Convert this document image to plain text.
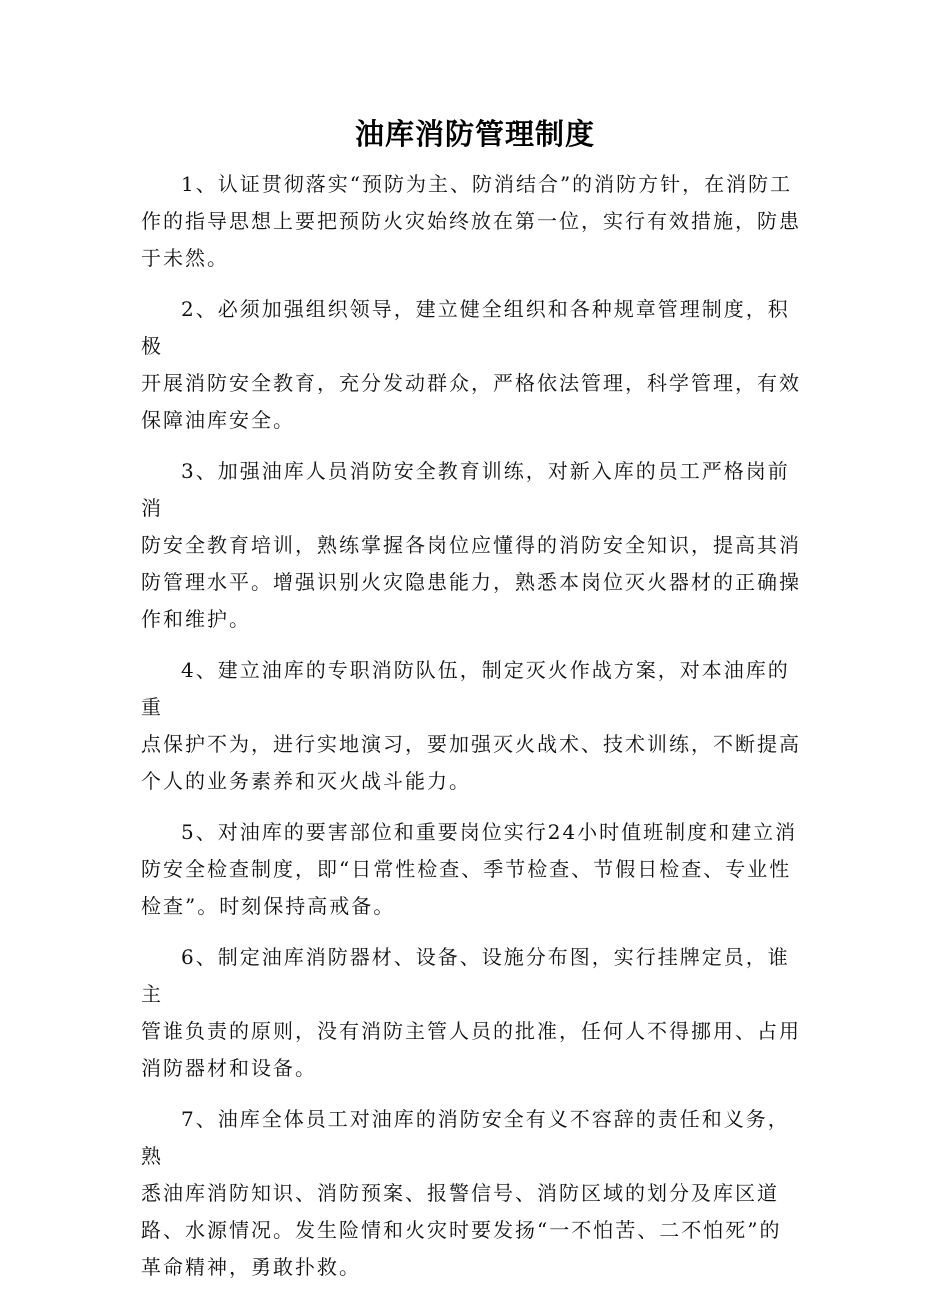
油库消防管理制度

1、认证贯彻落实“预防为主、防消结合”的消防方针，在消防工
作的指导思想上要把预防火灾始终放在第一位，实行有效措施，防患
于未然。

2、必须加强组织领导，建立健全组织和各种规章管理制度，积极
开展消防安全教育，充分发动群众，严格依法管理，科学管理，有效
保障油库安全。

3、加强油库人员消防安全教育训练，对新入库的员工严格岗前消
防安全教育培训，熟练掌握各岗位应懂得的消防安全知识，提高其消
防管理水平。增强识别火灾隐患能力，熟悉本岗位灭火器材的正确操
作和维护。

4、建立油库的专职消防队伍，制定灭火作战方案，对本油库的重
点保护不为，进行实地演习，要加强灭火战术、技术训练，不断提高
个人的业务素养和灭火战斗能力。

5、对油库的要害部位和重要岗位实行24小时值班制度和建立消
防安全检查制度，即“日常性检查、季节检查、节假日检查、专业性
检查”。时刻保持高戒备。

6、制定油库消防器材、设备、设施分布图，实行挂牌定员，谁主
管谁负责的原则，没有消防主管人员的批准，任何人不得挪用、占用
消防器材和设备。

7、油库全体员工对油库的消防安全有义不容辞的责任和义务，熟
悉油库消防知识、消防预案、报警信号、消防区域的划分及库区道
路、水源情况。发生险情和火灾时要发扬“一不怕苦、二不怕死”的
革命精神，勇敢扑救。
